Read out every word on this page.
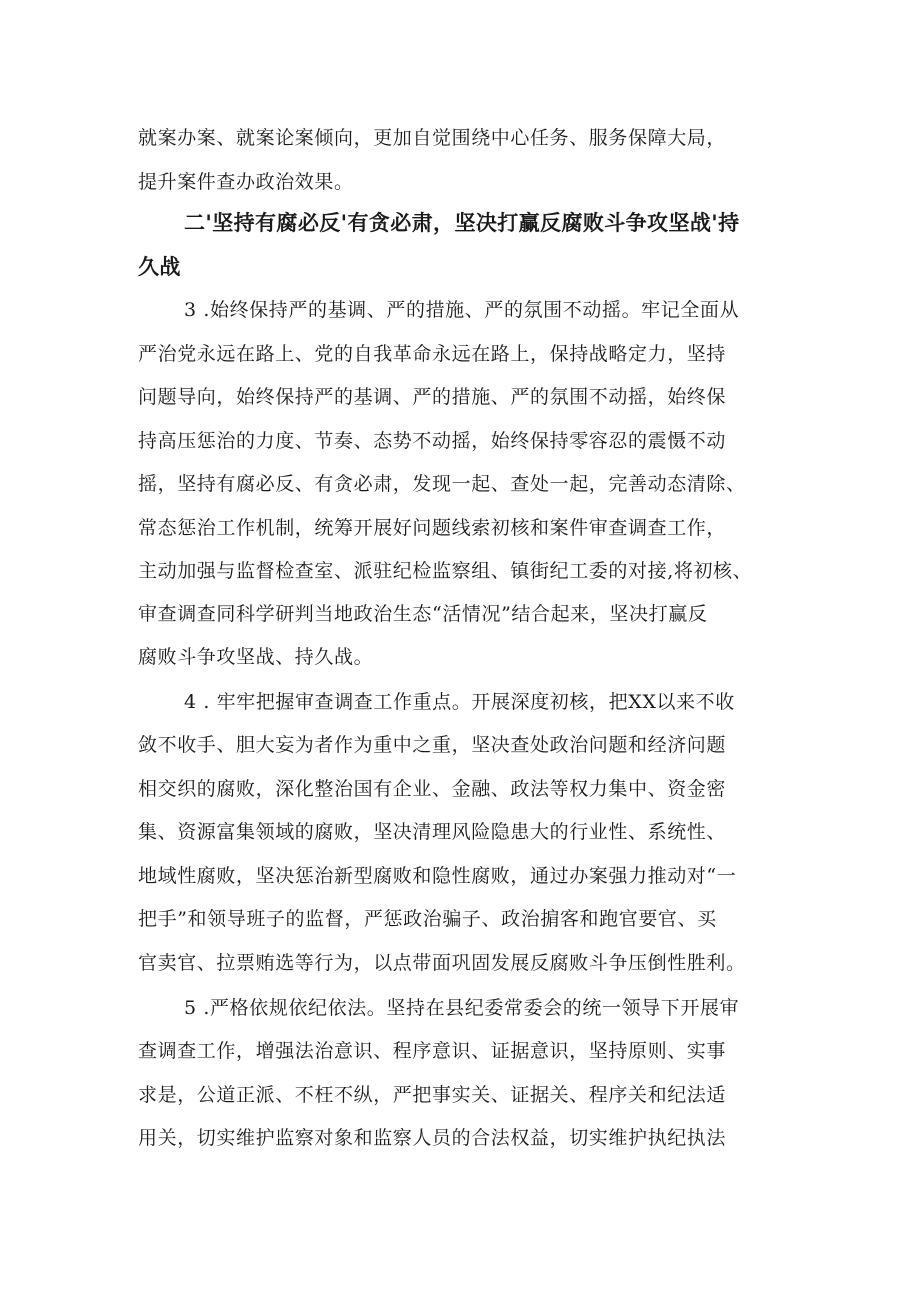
就案办案、就案论案倾向，更加自觉围绕中心任务、服务保障大局，
提升案件查办政治效果。
二'坚持有腐必反'有贪必肃，坚决打赢反腐败斗争攻坚战'持
久战
3 .始终保持严的基调、严的措施、严的氛围不动摇。牢记全面从
严治党永远在路上、党的自我革命永远在路上，保持战略定力，坚持
问题导向，始终保持严的基调、严的措施、严的氛围不动摇，始终保
持高压惩治的力度、节奏、态势不动摇，始终保持零容忍的震慑不动
摇，坚持有腐必反、有贪必肃，发现一起、查处一起，完善动态清除、
常态惩治工作机制，统筹开展好问题线索初核和案件审查调查工作，
主动加强与监督检查室、派驻纪检监察组、镇街纪工委的对接,将初核、
审查调查同科学研判当地政治生态“活情况”结合起来，坚决打赢反
腐败斗争攻坚战、持久战。
4 . 牢牢把握审查调查工作重点。开展深度初核，把XX以来不收
敛不收手、胆大妄为者作为重中之重，坚决查处政治问题和经济问题
相交织的腐败，深化整治国有企业、金融、政法等权力集中、资金密
集、资源富集领域的腐败，坚决清理风险隐患大的行业性、系统性、
地域性腐败，坚决惩治新型腐败和隐性腐败，通过办案强力推动对“一
把手”和领导班子的监督，严惩政治骗子、政治掮客和跑官要官、买
官卖官、拉票贿选等行为，以点带面巩固发展反腐败斗争压倒性胜利。
5 .严格依规依纪依法。坚持在县纪委常委会的统一领导下开展审
查调查工作，增强法治意识、程序意识、证据意识，坚持原则、实事
求是，公道正派、不枉不纵，严把事实关、证据关、程序关和纪法适
用关，切实维护监察对象和监察人员的合法权益，切实维护执纪执法
